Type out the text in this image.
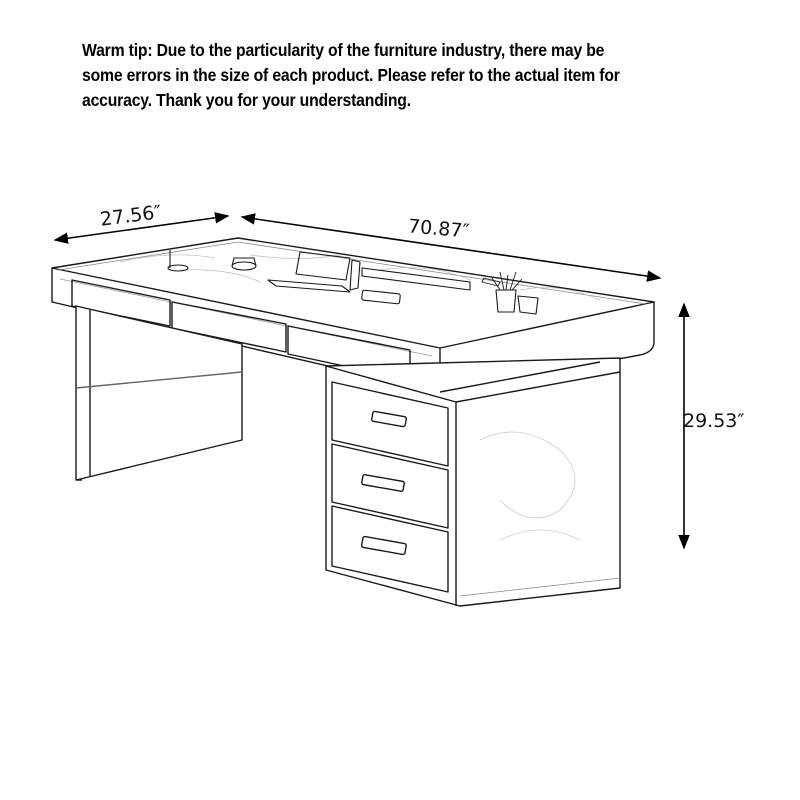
Warm tip: Due to the particularity of the furniture industry, there may be
some errors in the size of each product. Please refer to the actual item for
accuracy. Thank you for your understanding.
27.56″	70.87″
29.53″
